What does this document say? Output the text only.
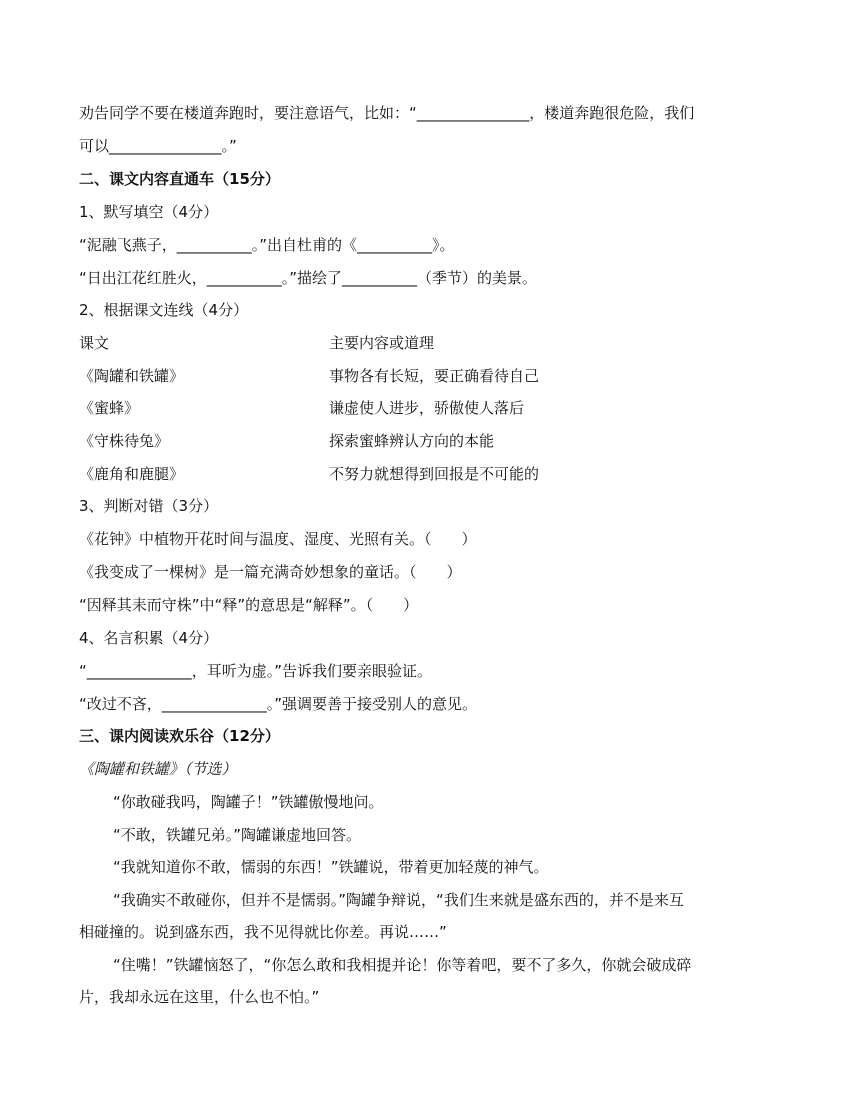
劝告同学不要在楼道奔跑时，要注意语气，比如：“_______________，楼道奔跑很危险，我们
可以_______________。”
二、课文内容直通车（15分）
1、默写填空（4分）
“泥融飞燕子，__________。”出自杜甫的《__________》。
“日出江花红胜火，__________。”描绘了__________（季节）的美景。
2、根据课文连线（4分）
课文	主要内容或道理
《陶罐和铁罐》	事物各有长短，要正确看待自己
《蜜蜂》	谦虚使人进步，骄傲使人落后
《守株待兔》	探索蜜蜂辨认方向的本能
《鹿角和鹿腿》	不努力就想得到回报是不可能的
3、判断对错（3分）
《花钟》中植物开花时间与温度、湿度、光照有关。（　　）
《我变成了一棵树》是一篇充满奇妙想象的童话。（　　）
“因释其耒而守株”中“释”的意思是“解释”。（　　）
4、名言积累（4分）
“______________，耳听为虚。”告诉我们要亲眼验证。
“改过不吝，______________。”强调要善于接受别人的意见。
三、课内阅读欢乐谷（12分）
《陶罐和铁罐》（节选）
“你敢碰我吗，陶罐子！”铁罐傲慢地问。
“不敢，铁罐兄弟。”陶罐谦虚地回答。
“我就知道你不敢，懦弱的东西！”铁罐说，带着更加轻蔑的神气。
“我确实不敢碰你，但并不是懦弱。”陶罐争辩说，“我们生来就是盛东西的，并不是来互
相碰撞的。说到盛东西，我不见得就比你差。再说……”
“住嘴！”铁罐恼怒了，“你怎么敢和我相提并论！你等着吧，要不了多久，你就会破成碎
片，我却永远在这里，什么也不怕。”
